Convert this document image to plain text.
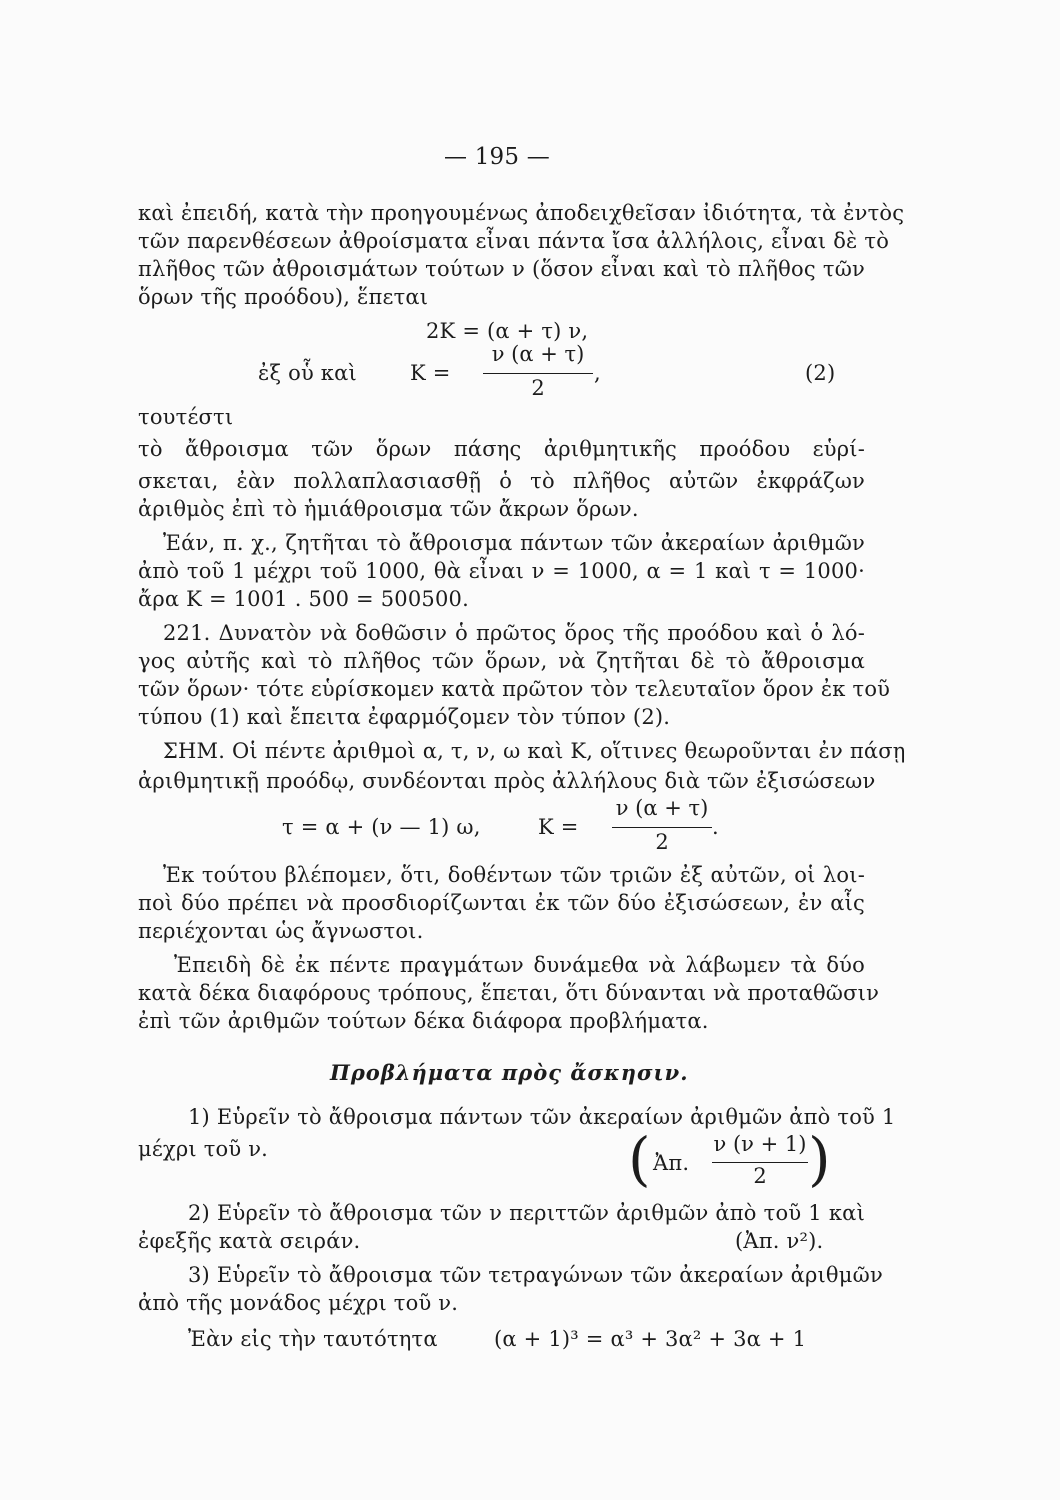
— 195 —
καὶ ἐπειδή, κατὰ τὴν προηγουμένως ἀποδειχθεῖσαν ἰδιότητα, τὰ ἐντὸς
τῶν παρενθέσεων ἀθροίσματα εἶναι πάντα ἴσα ἀλλήλοις, εἶναι δὲ τὸ
πλῆθος τῶν ἀθροισμάτων τούτων ν (ὅσον εἶναι καὶ τὸ πλῆθος τῶν
ὅρων τῆς προόδου), ἕπεται
2Κ = (α + τ) ν,
ἐξ οὗ καὶ	Κ =
ν (α + τ)
2
,	(2)
τουτέστι
τὸ ἄθροισμα τῶν ὅρων πάσης ἀριθμητικῆς προόδου εὑρί-
σκεται, ἐὰν πολλαπλασιασθῇ ὁ τὸ πλῆθος αὐτῶν ἐκφράζων
ἀριθμὸς ἐπὶ τὸ ἡμιάθροισμα τῶν ἄκρων ὅρων.
Ἐάν, π. χ., ζητῆται τὸ ἄθροισμα πάντων τῶν ἀκεραίων ἀριθμῶν
ἀπὸ τοῦ 1 μέχρι τοῦ 1000, θὰ εἶναι ν = 1000, α = 1 καὶ τ = 1000·
ἄρα Κ = 1001 . 500 = 500500.
221. Δυνατὸν νὰ δοθῶσιν ὁ πρῶτος ὅρος τῆς προόδου καὶ ὁ λό-
γος αὐτῆς καὶ τὸ πλῆθος τῶν ὅρων, νὰ ζητῆται δὲ τὸ ἄθροισμα
τῶν ὅρων· τότε εὑρίσκομεν κατὰ πρῶτον τὸν τελευταῖον ὅρον ἐκ τοῦ
τύπου (1) καὶ ἔπειτα ἐφαρμόζομεν τὸν τύπον (2).
ΣΗΜ. Οἱ πέντε ἀριθμοὶ α, τ, ν, ω καὶ Κ, οἵτινες θεωροῦνται ἐν πάσῃ
ἀριθμητικῇ προόδῳ, συνδέονται πρὸς ἀλλήλους διὰ τῶν ἐξισώσεων
τ = α + (ν — 1) ω,	Κ =
ν (α + τ)
2
.
Ἐκ τούτου βλέπομεν, ὅτι, δοθέντων τῶν τριῶν ἐξ αὐτῶν, οἱ λοι-
ποὶ δύο πρέπει νὰ προσδιορίζωνται ἐκ τῶν δύο ἐξισώσεων, ἐν αἷς
περιέχονται ὡς ἄγνωστοι.
Ἐπειδὴ δὲ ἐκ πέντε πραγμάτων δυνάμεθα νὰ λάβωμεν τὰ δύο
κατὰ δέκα διαφόρους τρόπους, ἕπεται, ὅτι δύνανται νὰ προταθῶσιν
ἐπὶ τῶν ἀριθμῶν τούτων δέκα διάφορα προβλήματα.
Προβλήματα πρὸς ἄσκησιν.
1) Εὑρεῖν τὸ ἄθροισμα πάντων τῶν ἀκεραίων ἀριθμῶν ἀπὸ τοῦ 1
μέχρι τοῦ ν.	( Ἀπ.
ν (ν + 1)
2 )
2) Εὑρεῖν τὸ ἄθροισμα τῶν ν περιττῶν ἀριθμῶν ἀπὸ τοῦ 1 καὶ
ἐφεξῆς κατὰ σειράν.	(Ἀπ. ν²).
3) Εὑρεῖν τὸ ἄθροισμα τῶν τετραγώνων τῶν ἀκεραίων ἀριθμῶν
ἀπὸ τῆς μονάδος μέχρι τοῦ ν.
Ἐὰν εἰς τὴν ταυτότητα	(α + 1)³ = α³ + 3α² + 3α + 1
